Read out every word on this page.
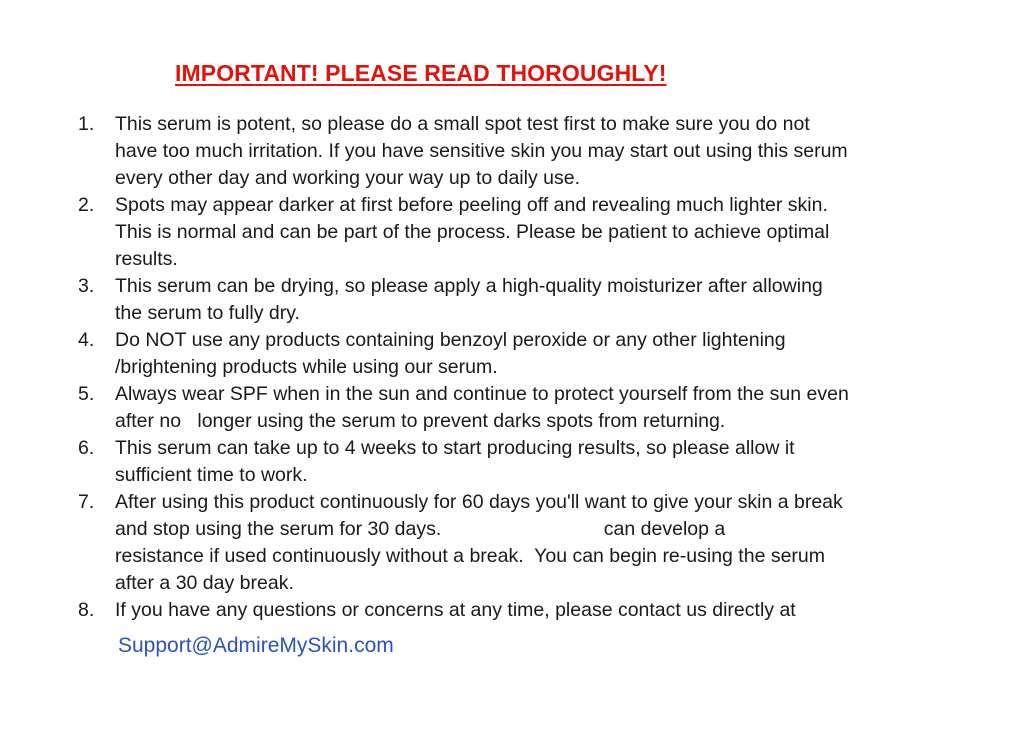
IMPORTANT! PLEASE READ THOROUGHLY!
1. This serum is potent, so please do a small spot test first to make sure you do not
have too much irritation. If you have sensitive skin you may start out using this serum
every other day and working your way up to daily use.
2. Spots may appear darker at first before peeling off and revealing much lighter skin.
This is normal and can be part of the process. Please be patient to achieve optimal
results.
3. This serum can be drying, so please apply a high-quality moisturizer after allowing
the serum to fully dry.
4. Do NOT use any products containing benzoyl peroxide or any other lightening
/brightening products while using our serum.
5. Always wear SPF when in the sun and continue to protect yourself from the sun even
after no   longer using the serum to prevent darks spots from returning.
6. This serum can take up to 4 weeks to start producing results, so please allow it
sufficient time to work.
7. After using this product continuously for 60 days you'll want to give your skin a break
and stop using the serum for 30 days.                              can develop a
resistance if used continuously without a break.  You can begin re-using the serum
after a 30 day break.
8. If you have any questions or concerns at any time, please contact us directly at
Support@AdmireMySkin.com
